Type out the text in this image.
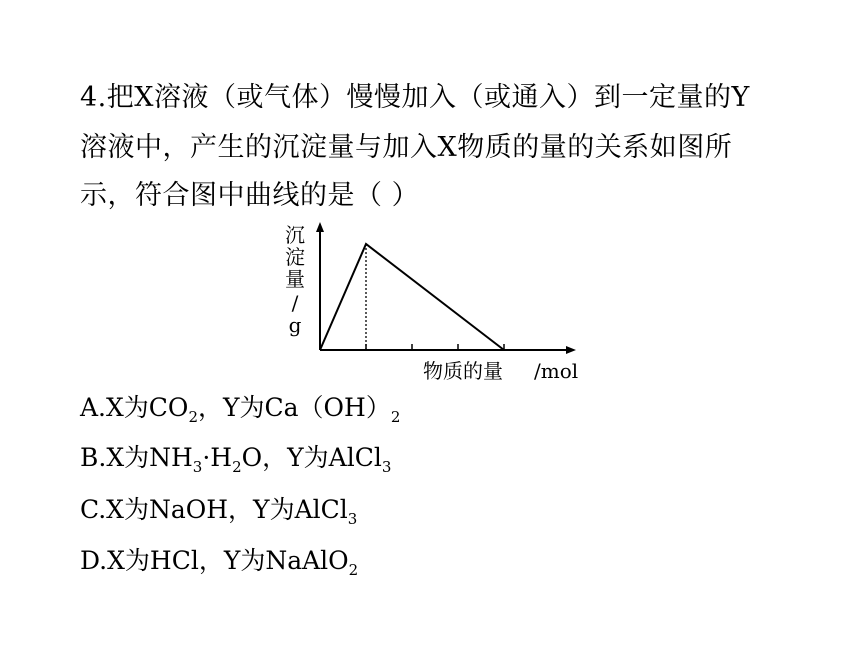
4.把X溶液（或气体）慢慢加入（或通入）到一定量的Y
溶液中，产生的沉淀量与加入X物质的量的关系如图所
示，符合图中曲线的是（ ）
沉
淀
量
/
g
物质的量 /mol
A.X为$CO_2$，Y为$Ca(OH)_2$
B.X为$NH_3\cdot H_2O$，Y为AlCl$_3$
C.X为NaOH，Y为AlCl$_3$
D.X为HCl，Y为NaAlO$_2$
